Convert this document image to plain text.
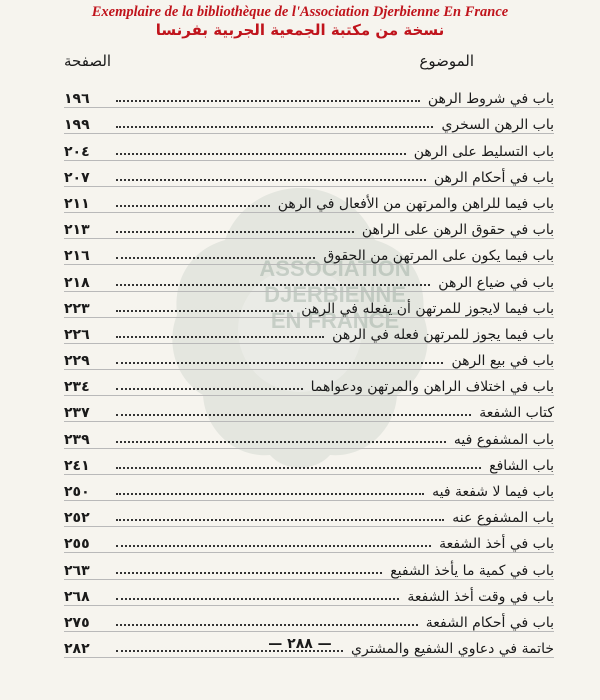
Exemplaire de la bibliothèque de l'Association Djerbienne En France
نسخة من مكتبة الجمعية الجربية بفرنسا
ASSOCIATION
DJERBIENNE
EN FRANCE
الصفحة	الموضوع
باب في شروط الرهن
١٩٦
باب الرهن السخري
١٩٩
باب التسليط على الرهن
٢٠٤
باب في أحكام الرهن
٢٠٧
باب فيما للراهن والمرتهن من الأفعال في الرهن
٢١١
باب في حقوق الرهن على الراهن
٢١٣
باب فيما يكون على المرتهن من الحقوق
٢١٦
باب في ضياع الرهن
٢١٨
باب فيما لايجوز للمرتهن أن يفعله في الرهن
٢٢٣
باب فيما يجوز للمرتهن فعله في الرهن
٢٢٦
باب في بيع الرهن
٢٢٩
باب في اختلاف الراهن والمرتهن ودعواهما
٢٣٤
كتاب الشفعة
٢٣٧
باب المشفوع فيه
٢٣٩
باب الشافع
٢٤١
باب فيما لا شفعة فيه
٢٥٠
باب المشفوع عنه
٢٥٢
باب في أخذ الشفعة
٢٥٥
باب في كمية ما يأخذ الشفيع
٢٦٣
باب في وقت أخذ الشفعة
٢٦٨
باب في أحكام الشفعة
٢٧٥
خاتمة في دعاوي الشفيع والمشتري
٢٨٢	— ٢٨٨ —
